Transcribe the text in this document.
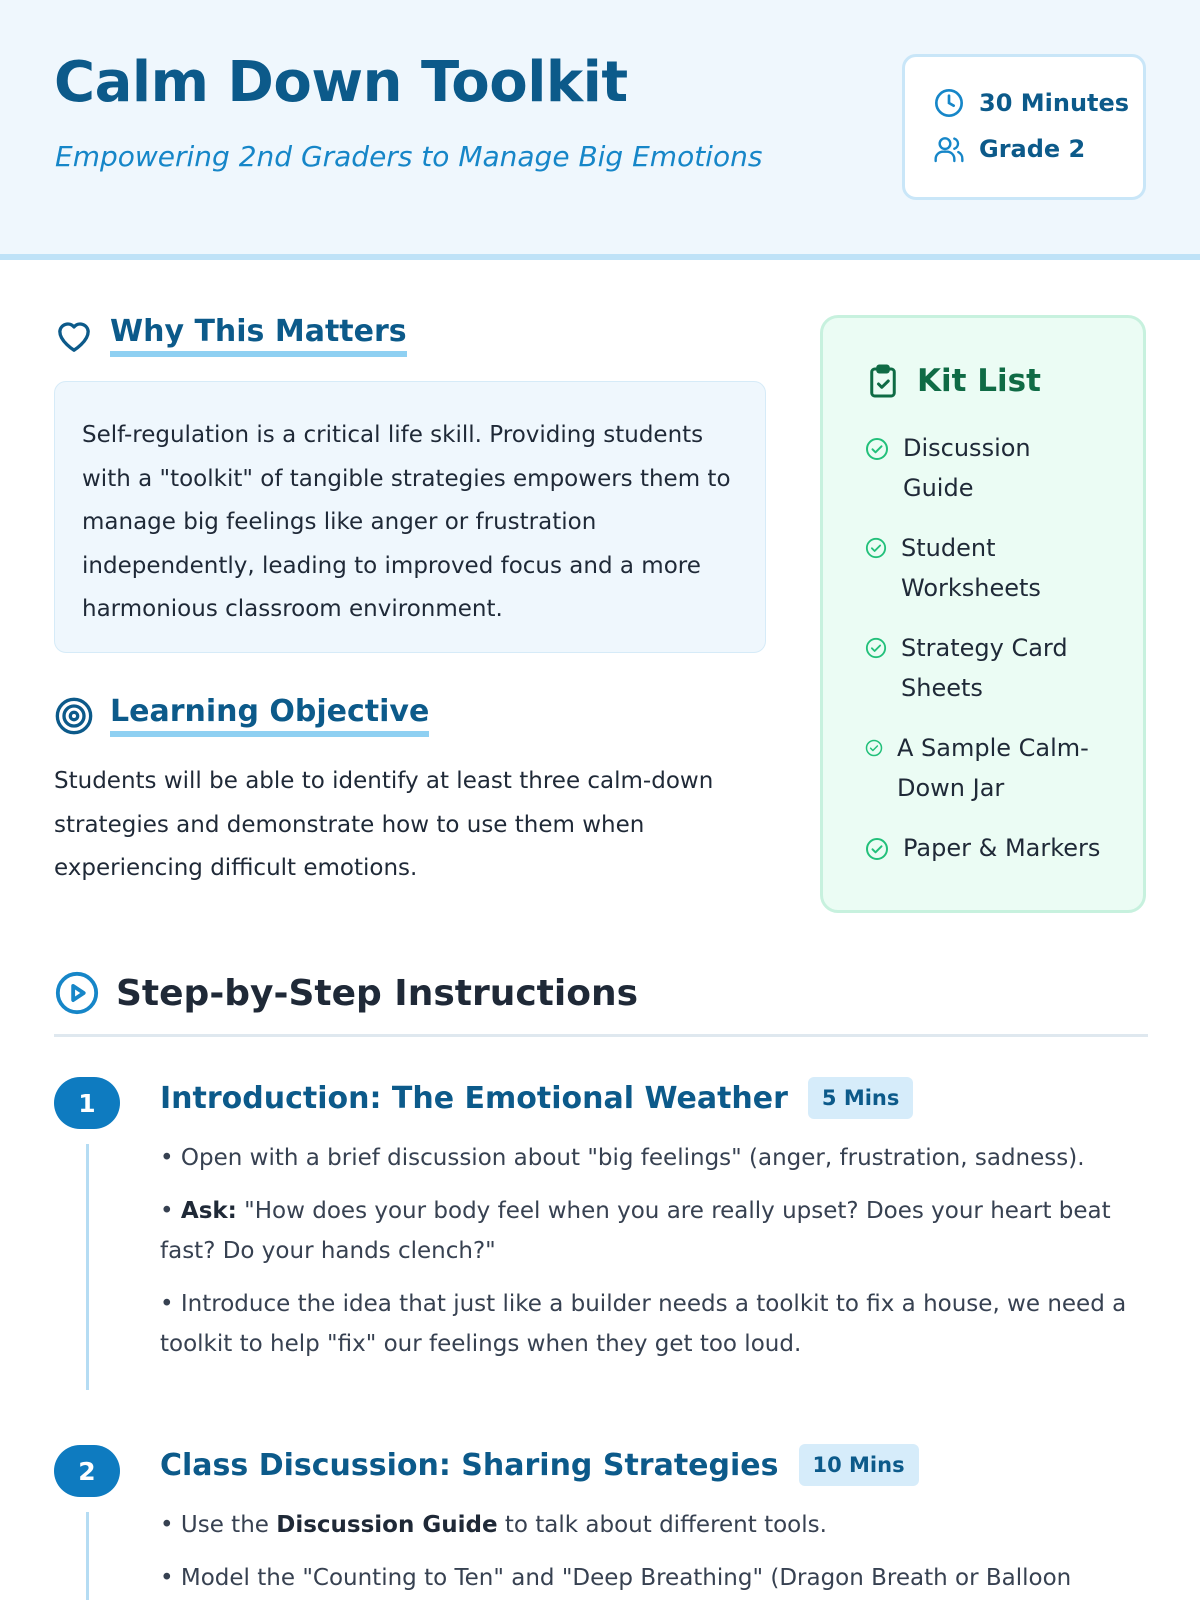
Calm Down Toolkit
Empowering 2nd Graders to Manage Big Emotions
30 Minutes
Grade 2
Why This Matters
Self-regulation is a critical life skill. Providing students with a "toolkit" of tangible strategies empowers them to manage big feelings like anger or frustration independently, leading to improved focus and a more harmonious classroom environment.
Learning Objective
Students will be able to identify at least three calm-down strategies and demonstrate how to use them when experiencing difficult emotions.
Kit List
Discussion Guide
Student Worksheets
Strategy Card Sheets
A Sample Calm-Down Jar
Paper & Markers
Step-by-Step Instructions
1	Introduction: The Emotional Weather	5 Mins

• Open with a brief discussion about "big feelings" (anger, frustration, sadness).

• Ask: "How does your body feel when you are really upset? Does your heart beat fast? Do your hands clench?"

• Introduce the idea that just like a builder needs a toolkit to fix a house, we need a toolkit to help "fix" our feelings when they get too loud.

2	Class Discussion: Sharing Strategies	10 Mins

• Use the Discussion Guide to talk about different tools.

• Model the "Counting to Ten" and "Deep Breathing" (Dragon Breath or Balloon
